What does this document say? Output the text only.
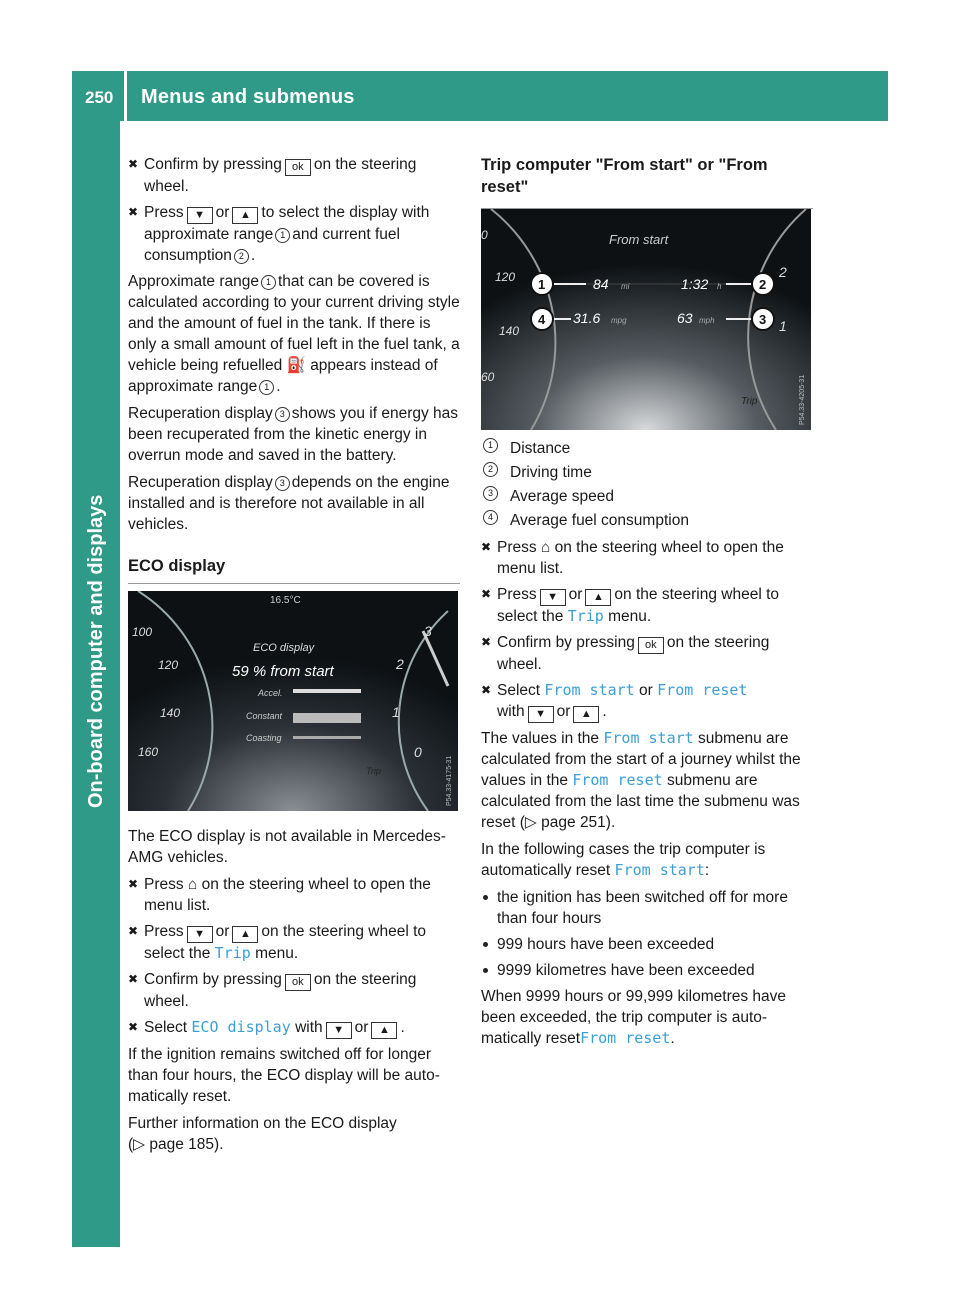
250 Menus and submenus
On-board computer and displays
✖ Confirm by pressing ok on the steering wheel.
✖ Press ▼ or ▲ to select the display with approximate range 1 and current fuel consumption 2 .

Approximate range 1 that can be covered is calculated according to your current driving style and the amount of fuel in the tank. If there is only a small amount of fuel left in the fuel tank, a vehicle being refuelled ⛽ appears instead of approximate range 1 .

Recuperation display 3 shows you if energy has been recuperated from the kinetic energy in overrun mode and saved in the battery.

Recuperation display 3 depends on the engine installed and is therefore not available in all vehicles.

ECO display
16.5°C
ECO display
59 % from start
Accel.
Constant
Coasting
100
120
140
160
3
2
1
0
Trip	P54.33-4175-31

The ECO display is not available in Mercedes-AMG vehicles.

✖ Press ⌂ on the steering wheel to open the menu list.
✖ Press ▼ or ▲ on the steering wheel to select the Trip menu.
✖ Confirm by pressing ok on the steering wheel.
✖ Select ECO display with ▼ or ▲ .

If the ignition remains switched off for longer than four hours, the ECO display will be auto-matically reset.

Further information on the ECO display
(▷ page 185).

Trip computer "From start" or "From reset"
1	2
4	3
From start
84 mi	1:32 h
31.6 mpg	63 mph
0
120
140
60
2
1
Trip	P54.33-4205-31
1	Distance
2	Driving time
3	Average speed
4	Average fuel consumption
✖ Press ⌂ on the steering wheel to open the menu list.
✖ Press ▼ or ▲ on the steering wheel to select the Trip menu.
✖ Confirm by pressing ok on the steering wheel.
✖ Select From start or From reset
with ▼ or ▲ .

The values in the From start submenu are calculated from the start of a journey whilst the values in the From reset submenu are calculated from the last time the submenu was reset (▷ page 251).

In the following cases the trip computer is automatically reset From start:

the ignition has been switched off for more than four hours
999 hours have been exceeded
9999 kilometres have been exceeded

When 9999 hours or 99,999 kilometres have been exceeded, the trip computer is auto-matically resetFrom reset.
